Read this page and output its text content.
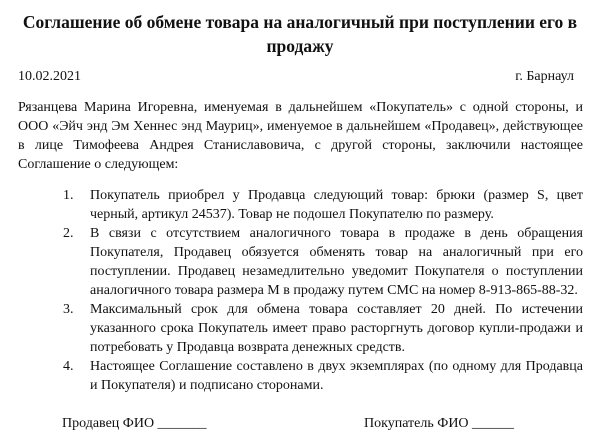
Соглашение об обмене товара на аналогичный при поступлении его в продажу
10.02.2021	г. Барнаул
Рязанцева Марина Игоревна, именуемая в дальнейшем «Покупатель» с одной стороны, и ООО «Эйч энд Эм Хеннес энд Мауриц», именуемое в дальнейшем «Продавец», действующее в лице Тимофеева Андрея Станиславовича, с другой стороны, заключили настоящее Соглашение о следующем:
1. Покупатель приобрел у Продавца следующий товар: брюки (размер S, цвет черный, артикул 24537). Товар не подошел Покупателю по размеру.
2. В связи с отсутствием аналогичного товара в продаже в день обращения Покупателя, Продавец обязуется обменять товар на аналогичный при его поступлении. Продавец незамедлительно уведомит Покупателя о поступлении аналогичного товара размера М в продажу путем СМС на номер 8-913-865-88-32.
3. Максимальный срок для обмена товара составляет 20 дней. По истечении указанного срока Покупатель имеет право расторгнуть договор купли-продажи и потребовать у Продавца возврата денежных средств.
4. Настоящее Соглашение составлено в двух экземплярах (по одному для Продавца и Покупателя) и подписано сторонами.
Продавец ФИО _______	Покупатель ФИО ______
